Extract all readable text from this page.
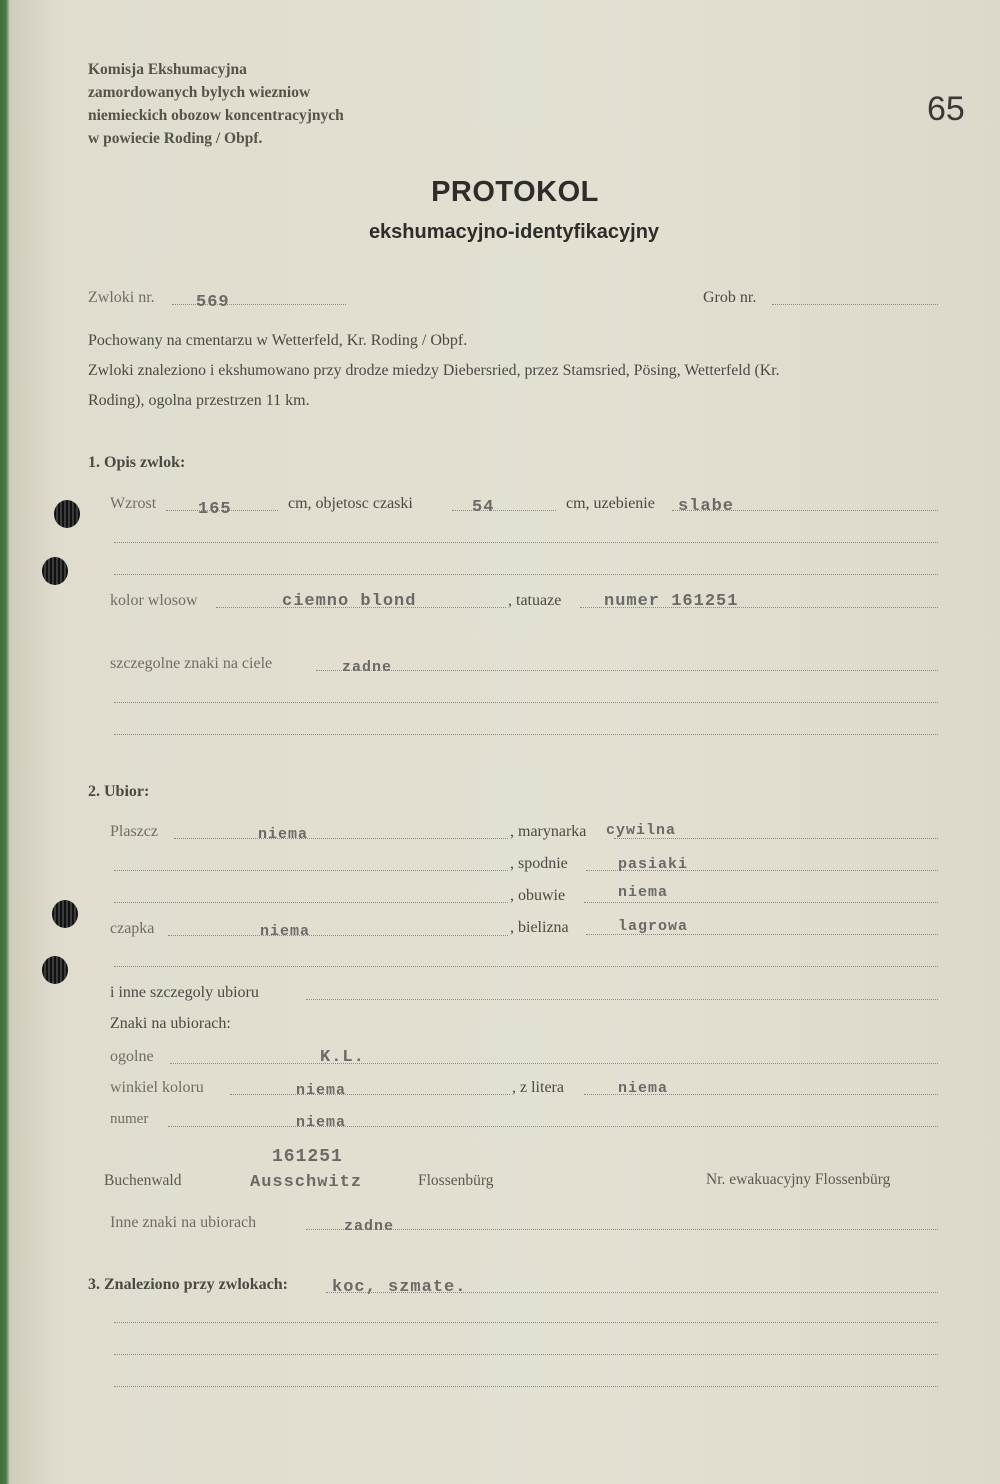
Komisja Ekshumacyjna
zamordowanych bylych wiezniow
niemieckich obozow koncentracyjnych
w powiecie Roding / Obpf.
65
PROTOKOL
ekshumacyjno-identyfikacyjny
Zwloki nr. 569	Grob nr.
Pochowany na cmentarzu w Wetterfeld, Kr. Roding / Obpf.
Zwloki znaleziono i ekshumowano przy drodze miedzy Diebersried, przez Stamsried, Pösing, Wetterfeld (Kr.
Roding), ogolna przestrzen 11 km.
1. Opis zwlok:
Wzrost 165	cm, objetosc czaski	54	cm, uzebienie slabe
kolor wlosow	ciemno blond	, tatuaze	numer 161251
szczegolne znaki na ciele	zadne
2. Ubior:
Plaszcz	niema	, marynarka cywilna
, spodnie	pasiaki
, obuwie	niema
czapka	niema	, bielizna	lagrowa
i inne szczegoly ubioru
Znaki na ubiorach:
ogolne	K.L.
winkiel koloru	niema	, z litera	niema
numer	niema
161251
Buchenwald	Ausschwitz	Flossenbürg	Nr. ewakuacyjny Flossenbürg
Inne znaki na ubiorach	zadne
3. Znaleziono przy zwlokach:	koc, szmate.
